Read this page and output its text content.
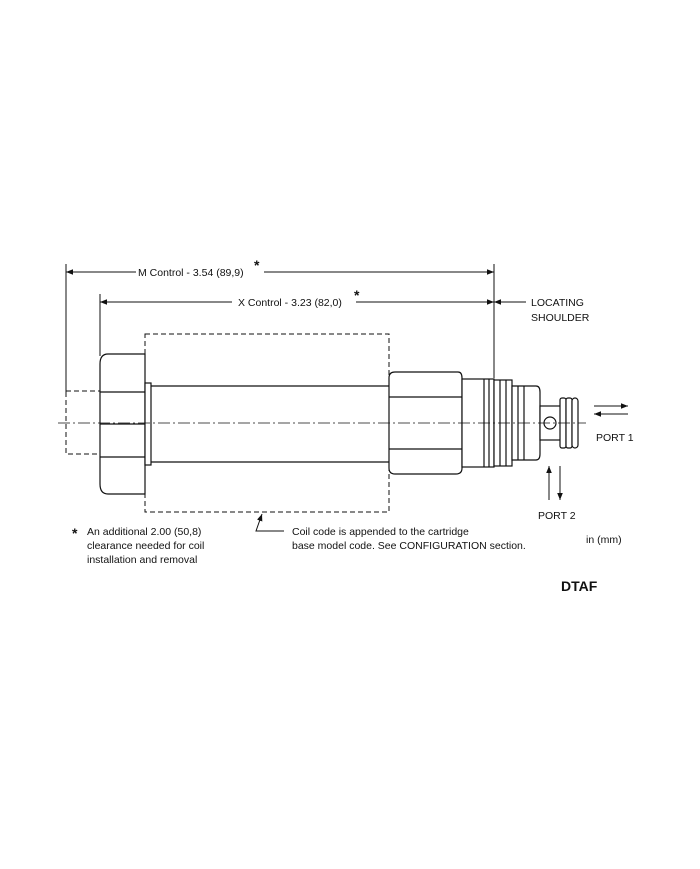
M Control - 3.54 (89,9) *
X Control - 3.23 (82,0) *	LOCATING
SHOULDER
PORT 1
PORT 2
* An additional 2.00 (50,8)
clearance needed for coil
installation and removal
Coil code is appended to the cartridge
base model code. See CONFIGURATION section.	in (mm)
DTAF
